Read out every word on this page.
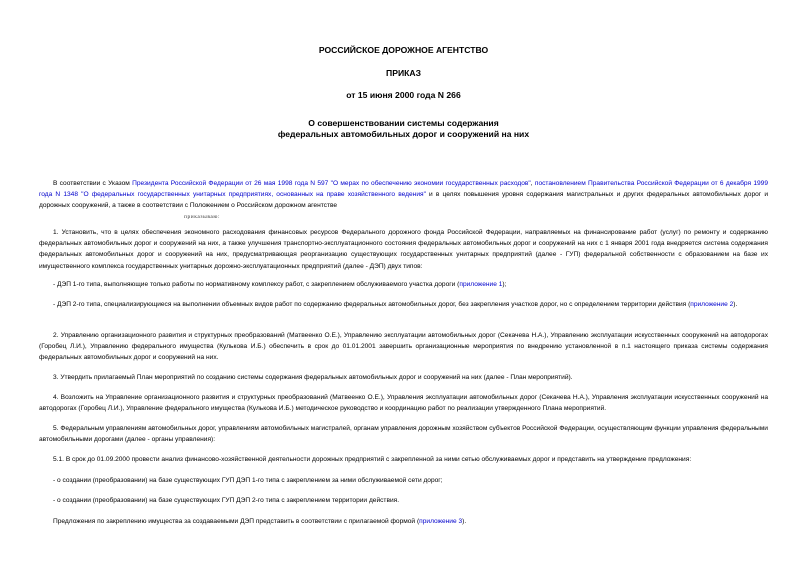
РОССИЙСКОЕ ДОРОЖНОЕ АГЕНТСТВО
ПРИКАЗ
от 15 июня 2000 года N 266
О совершенствовании системы содержания
федеральных автомобильных дорог и сооружений на них
В соответствии с Указом Президента Российской Федерации от 26 мая 1998 года N 597 "О мерах по обеспечению экономии государственных расходов", постановлением Правительства Российской Федерации от 6 декабря 1999 года N 1348 "О федеральных государственных унитарных предприятиях, основанных на праве хозяйственного ведения" и в целях повышения уровня содержания магистральных и других федеральных автомобильных дорог и дорожных сооружений, а также в соответствии с Положением о Российском дорожном агентстве
приказываю:
1. Установить, что в целях обеспечения экономного расходования финансовых ресурсов Федерального дорожного фонда Российской Федерации, направляемых на финансирование работ (услуг) по ремонту и содержанию федеральных автомобильных дорог и сооружений на них, а также улучшения транспортно-эксплуатационного состояния федеральных автомобильных дорог и сооружений на них с 1 января 2001 года внедряется система содержания федеральных автомобильных дорог и сооружений на них, предусматривающая реорганизацию существующих государственных унитарных предприятий (далее - ГУП) федеральной собственности с образованием на базе их имущественного комплекса государственных унитарных дорожно-эксплуатационных предприятий (далее - ДЭП) двух типов:
- ДЭП 1-го типа, выполняющие только работы по нормативному комплексу работ, с закреплением обслуживаемого участка дороги (приложение 1);
- ДЭП 2-го типа, специализирующиеся на выполнении объемных видов работ по содержанию федеральных автомобильных дорог, без закрепления участков дорог, но с определением территории действия (приложение 2).
2. Управлению организационного развития и структурных преобразований (Матвеенко О.Е.), Управлению эксплуатации автомобильных дорог (Секачева Н.А.), Управлению эксплуатации искусственных сооружений на автодорогах (Горобец Л.И.), Управлению федерального имущества (Кулькова И.Б.) обеспечить в срок до 01.01.2001 завершить организационные мероприятия по внедрению установленной в п.1 настоящего приказа системы содержания федеральных автомобильных дорог и сооружений на них.
3. Утвердить прилагаемый План мероприятий по созданию системы содержания федеральных автомобильных дорог и сооружений на них (далее - План мероприятий).
4. Возложить на Управление организационного развития и структурных преобразований (Матвеенко О.Е.), Управления эксплуатации автомобильных дорог (Секачева Н.А.), Управления эксплуатации искусственных сооружений на автодорогах (Горобец Л.И.), Управление федерального имущества (Кулькова И.Б.) методическое руководство и координацию работ по реализации утвержденного Плана мероприятий.
5. Федеральным управлениям автомобильных дорог, управлениям автомобильных магистралей, органам управления дорожным хозяйством субъектов Российской Федерации, осуществляющим функции управления федеральными автомобильными дорогами (далее - органы управления):
5.1. В срок до 01.09.2000 провести анализ финансово-хозяйственной деятельности дорожных предприятий с закрепленной за ними сетью обслуживаемых дорог и представить на утверждение предложения:
- о создании (преобразовании) на базе существующих ГУП ДЭП 1-го типа с закреплением за ними обслуживаемой сети дорог;
- о создании (преобразовании) на базе существующих ГУП ДЭП 2-го типа с закреплением территории действия.
Предложения по закреплению имущества за создаваемыми ДЭП представить в соответствии с прилагаемой формой (приложение 3).
